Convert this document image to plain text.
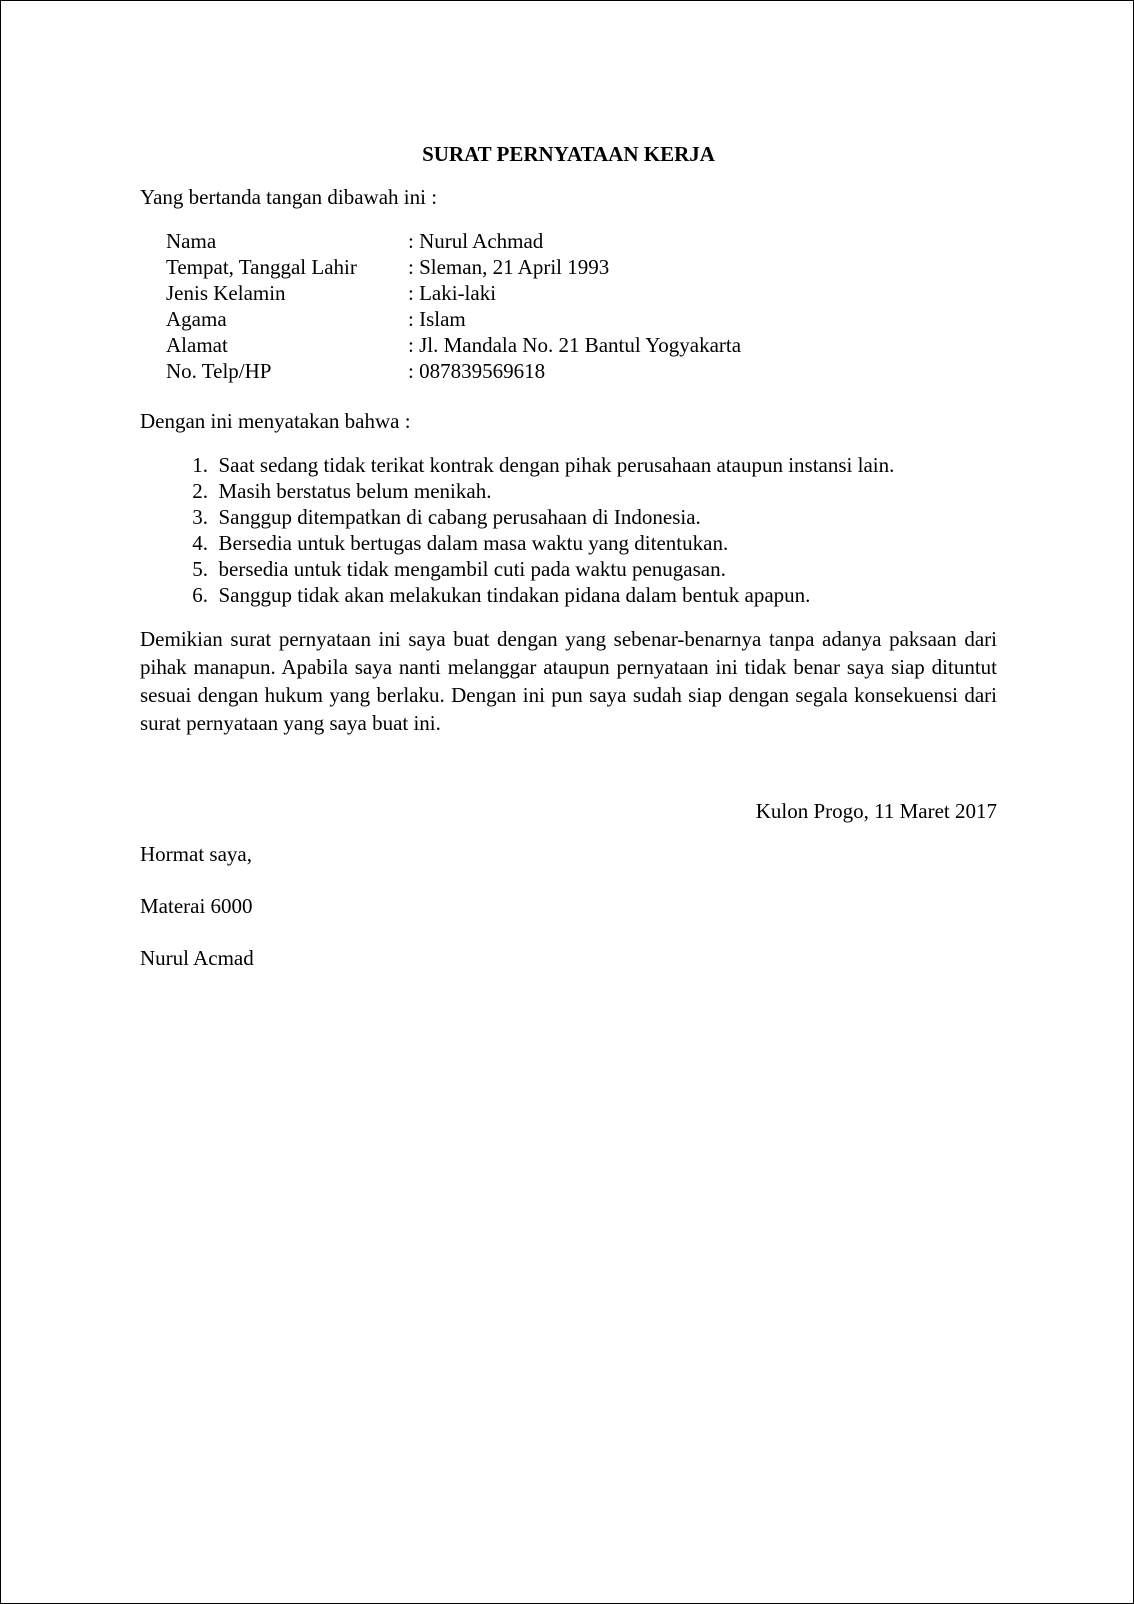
SURAT PERNYATAAN KERJA
Yang bertanda tangan dibawah ini :
Nama	: Nurul Achmad
Tempat, Tanggal Lahir : Sleman, 21 April 1993
Jenis Kelamin	: Laki-laki
Agama	: Islam
Alamat	: Jl. Mandala No. 21 Bantul Yogyakarta
No. Telp/HP	: 087839569618
Dengan ini menyatakan bahwa :
1. Saat sedang tidak terikat kontrak dengan pihak perusahaan ataupun instansi lain.
2. Masih berstatus belum menikah.
3. Sanggup ditempatkan di cabang perusahaan di Indonesia.
4. Bersedia untuk bertugas dalam masa waktu yang ditentukan.
5. bersedia untuk tidak mengambil cuti pada waktu penugasan.
6. Sanggup tidak akan melakukan tindakan pidana dalam bentuk apapun.
Demikian surat pernyataan ini saya buat dengan yang sebenar-benarnya tanpa adanya paksaan dari pihak manapun. Apabila saya nanti melanggar ataupun pernyataan ini tidak benar saya siap dituntut sesuai dengan hukum yang berlaku. Dengan ini pun saya sudah siap dengan segala konsekuensi dari surat pernyataan yang saya buat ini.
Kulon Progo, 11 Maret 2017
Hormat saya,
Materai 6000
Nurul Acmad
